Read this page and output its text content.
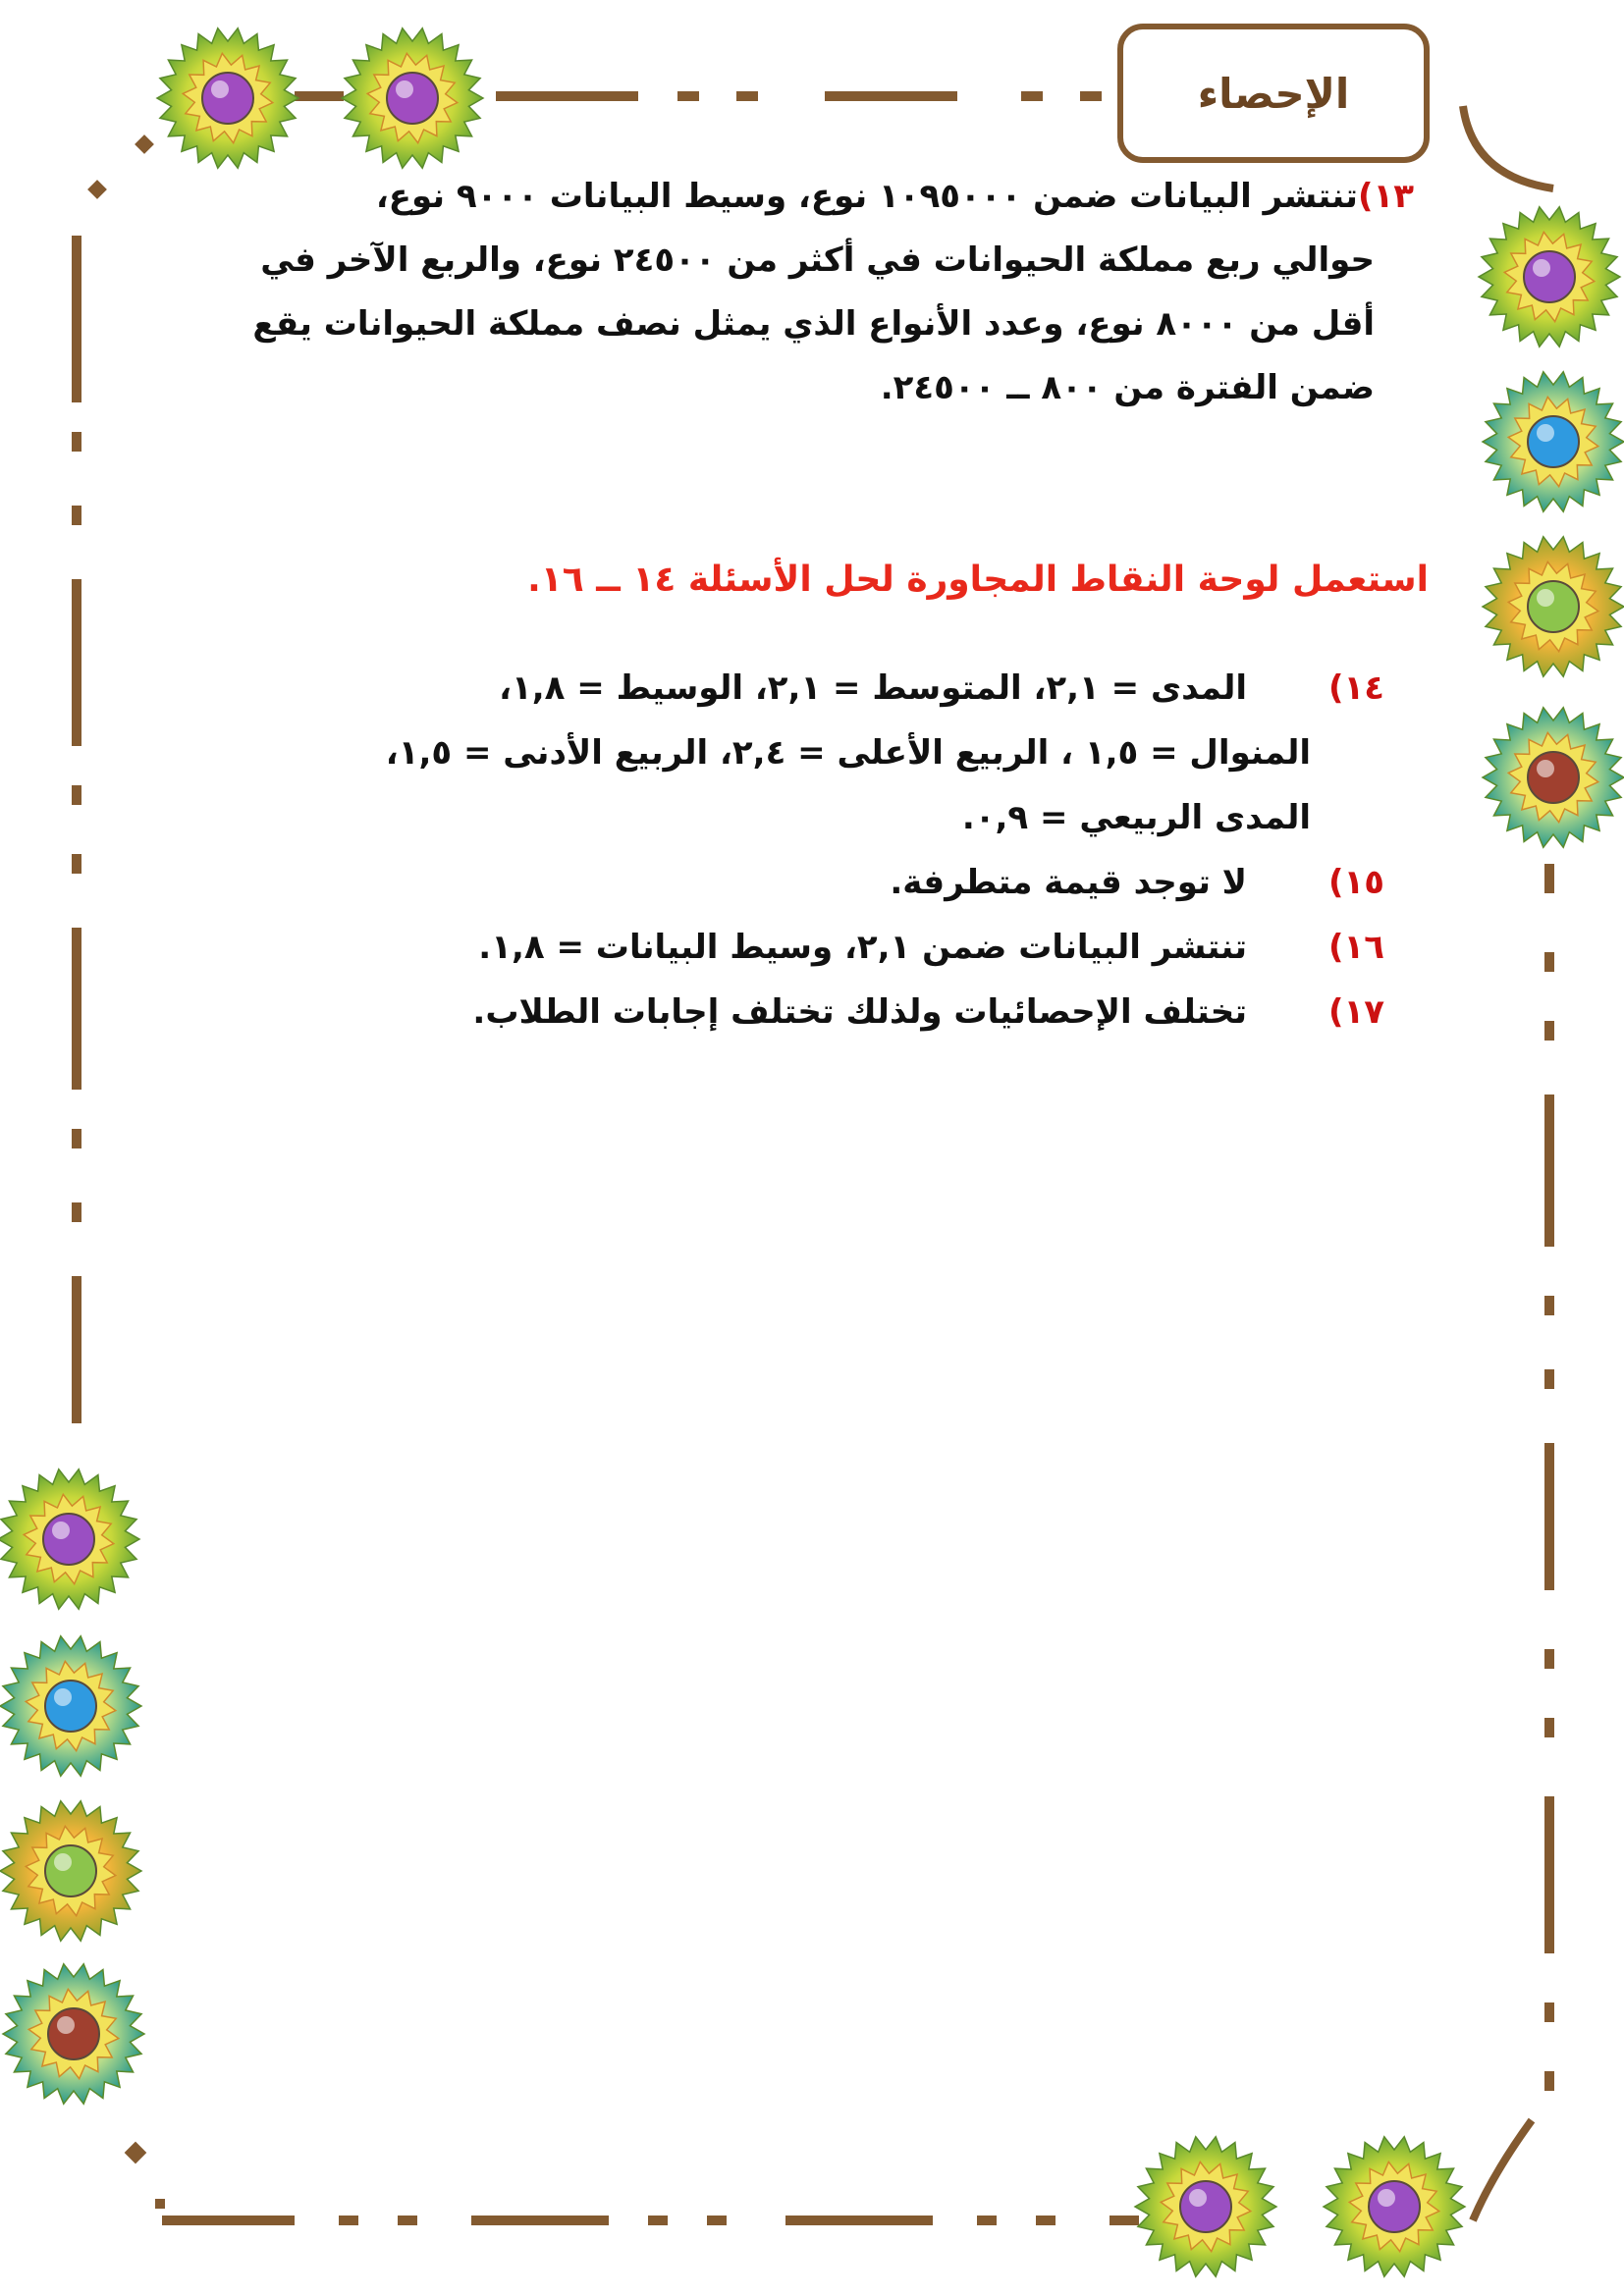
الإحصاء
١٣)تنتشر البيانات ضمن ١٠٩٥٠٠٠ نوع، وسيط البيانات ٩٠٠٠ نوع،
حوالي ربع مملكة الحيوانات في أكثر من ٢٤٥٠٠ نوع، والربع الآخر في
أقل من ٨٠٠٠ نوع، وعدد الأنواع الذي يمثل نصف مملكة الحيوانات يقع
ضمن الفترة من ٨٠٠ ــ ٢٤٥٠٠.
استعمل لوحة النقاط المجاورة لحل الأسئلة ١٤ ــ ١٦.
١٤)
المدى = ٢,١، المتوسط = ٢,١، الوسيط = ١,٨،
المنوال = ١,٥ ، الربيع الأعلى = ٢,٤، الربيع الأدنى = ١,٥،
المدى الربيعي = ٠,٩.
١٥)
لا توجد قيمة متطرفة.
١٦)
تنتشر البيانات ضمن ٢,١، وسيط البيانات = ١,٨.
١٧)
تختلف الإحصائيات ولذلك تختلف إجابات الطلاب.
